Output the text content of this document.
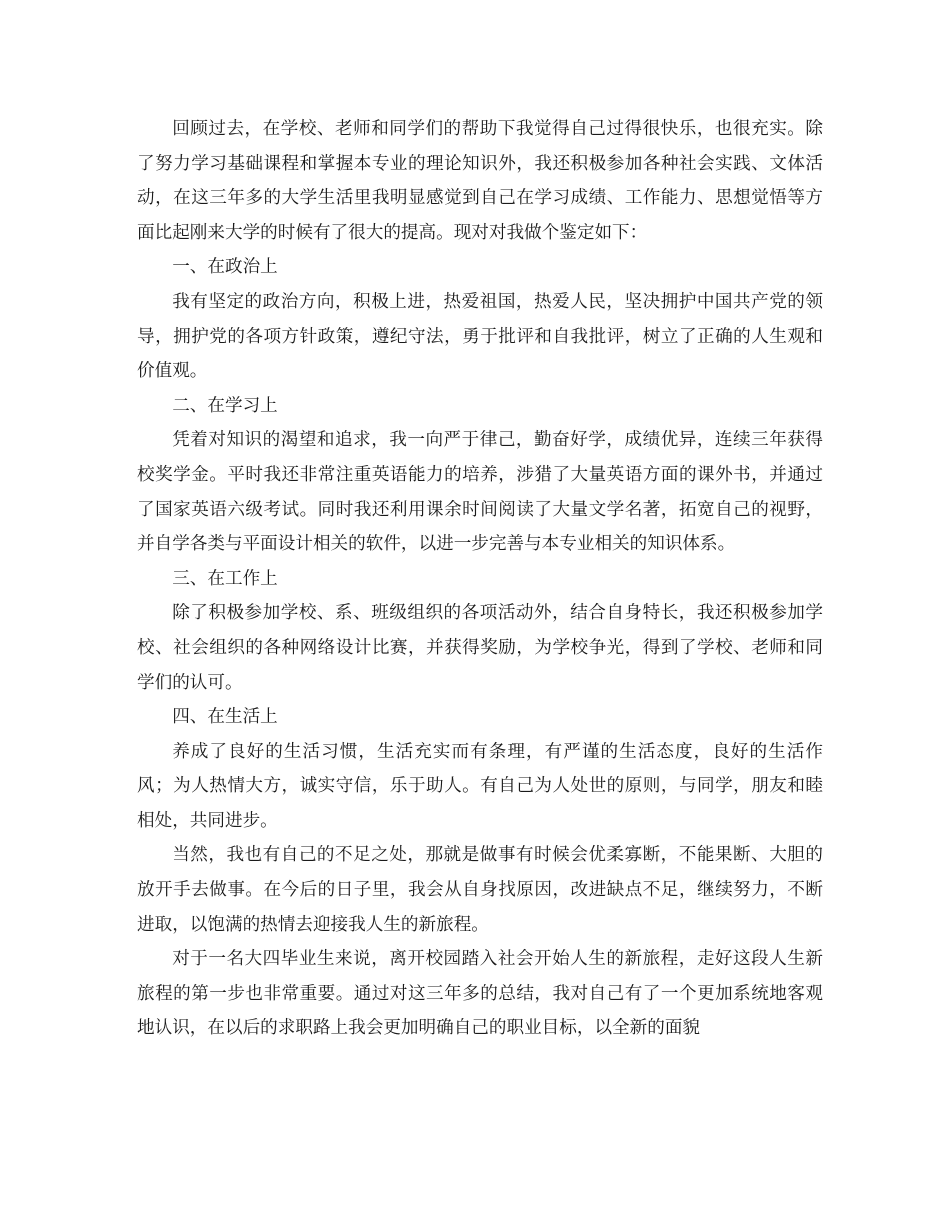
回顾过去，在学校、老师和同学们的帮助下我觉得自己过得很快乐，也很充实。除了努力学习基础课程和掌握本专业的理论知识外，我还积极参加各种社会实践、文体活动，在这三年多的大学生活里我明显感觉到自己在学习成绩、工作能力、思想觉悟等方面比起刚来大学的时候有了很大的提高。现对对我做个鉴定如下：

一、在政治上

我有坚定的政治方向，积极上进，热爱祖国，热爱人民，坚决拥护中国共产党的领导，拥护党的各项方针政策，遵纪守法，勇于批评和自我批评，树立了正确的人生观和价值观。

二、在学习上

凭着对知识的渴望和追求，我一向严于律己，勤奋好学，成绩优异，连续三年获得校奖学金。平时我还非常注重英语能力的培养，涉猎了大量英语方面的课外书，并通过了国家英语六级考试。同时我还利用课余时间阅读了大量文学名著，拓宽自己的视野，并自学各类与平面设计相关的软件，以进一步完善与本专业相关的知识体系。

三、在工作上

除了积极参加学校、系、班级组织的各项活动外，结合自身特长，我还积极参加学校、社会组织的各种网络设计比赛，并获得奖励，为学校争光，得到了学校、老师和同学们的认可。

四、在生活上

养成了良好的生活习惯，生活充实而有条理，有严谨的生活态度，良好的生活作风；为人热情大方，诚实守信，乐于助人。有自己为人处世的原则，与同学，朋友和睦相处，共同进步。

当然，我也有自己的不足之处，那就是做事有时候会优柔寡断，不能果断、大胆的放开手去做事。在今后的日子里，我会从自身找原因，改进缺点不足，继续努力，不断进取，以饱满的热情去迎接我人生的新旅程。

对于一名大四毕业生来说，离开校园踏入社会开始人生的新旅程，走好这段人生新旅程的第一步也非常重要。通过对这三年多的总结，我对自己有了一个更加系统地客观地认识，在以后的求职路上我会更加明确自己的职业目标，以全新的面貌
